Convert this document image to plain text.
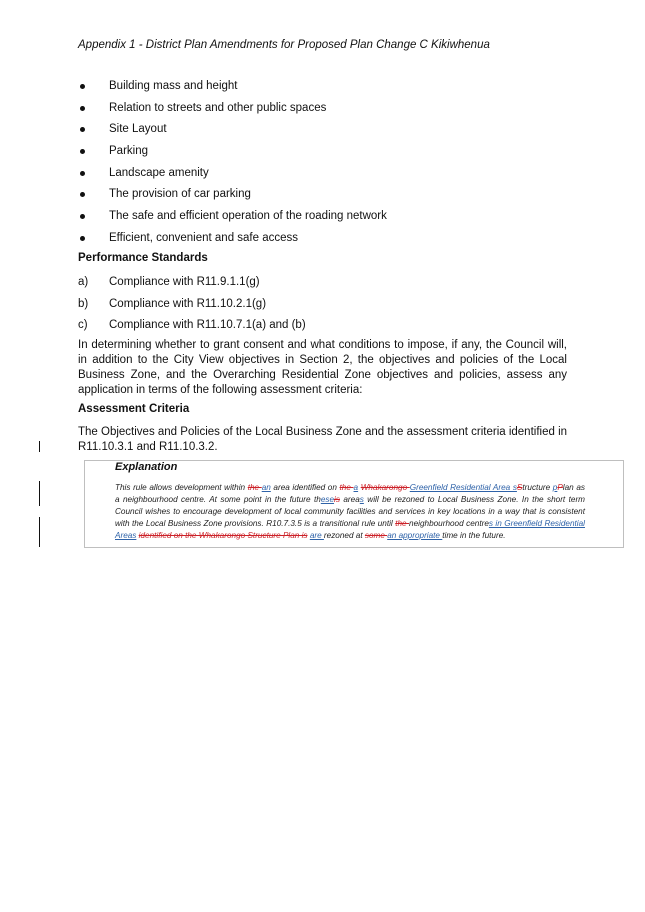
Appendix 1 - District Plan Amendments for Proposed Plan Change C Kikiwhenua
Building mass and height
Relation to streets and other public spaces
Site Layout
Parking
Landscape amenity
The provision of car parking
The safe and efficient operation of the roading network
Efficient, convenient and safe access
Performance Standards
a) Compliance with R11.9.1.1(g)
b) Compliance with R11.10.2.1(g)
c) Compliance with R11.10.7.1(a) and (b)

In determining whether to grant consent and what conditions to impose, if any, the Council will, in addition to the City View objectives in Section 2, the objectives and policies of the Local Business Zone, and the Overarching Residential Zone objectives and policies, assess any application in terms of the following assessment criteria:

Assessment Criteria

The Objectives and Policies of the Local Business Zone and the assessment criteria identified in R11.10.3.1 and R11.10.3.2.

Explanation

This rule allows development within the an area identified on the a Whakarongo Greenfield Residential Area sStructure pPlan as a neighbourhood centre. At some point in the future theseis areas will be rezoned to Local Business Zone. In the short term Council wishes to encourage development of local community facilities and services in key locations in a way that is consistent with the Local Business Zone provisions. R10.7.3.5 is a transitional rule until the neighbourhood centres in Greenfield Residential Areas identified on the Whakarongo Structure Plan is are rezoned at some an appropriate time in the future.
